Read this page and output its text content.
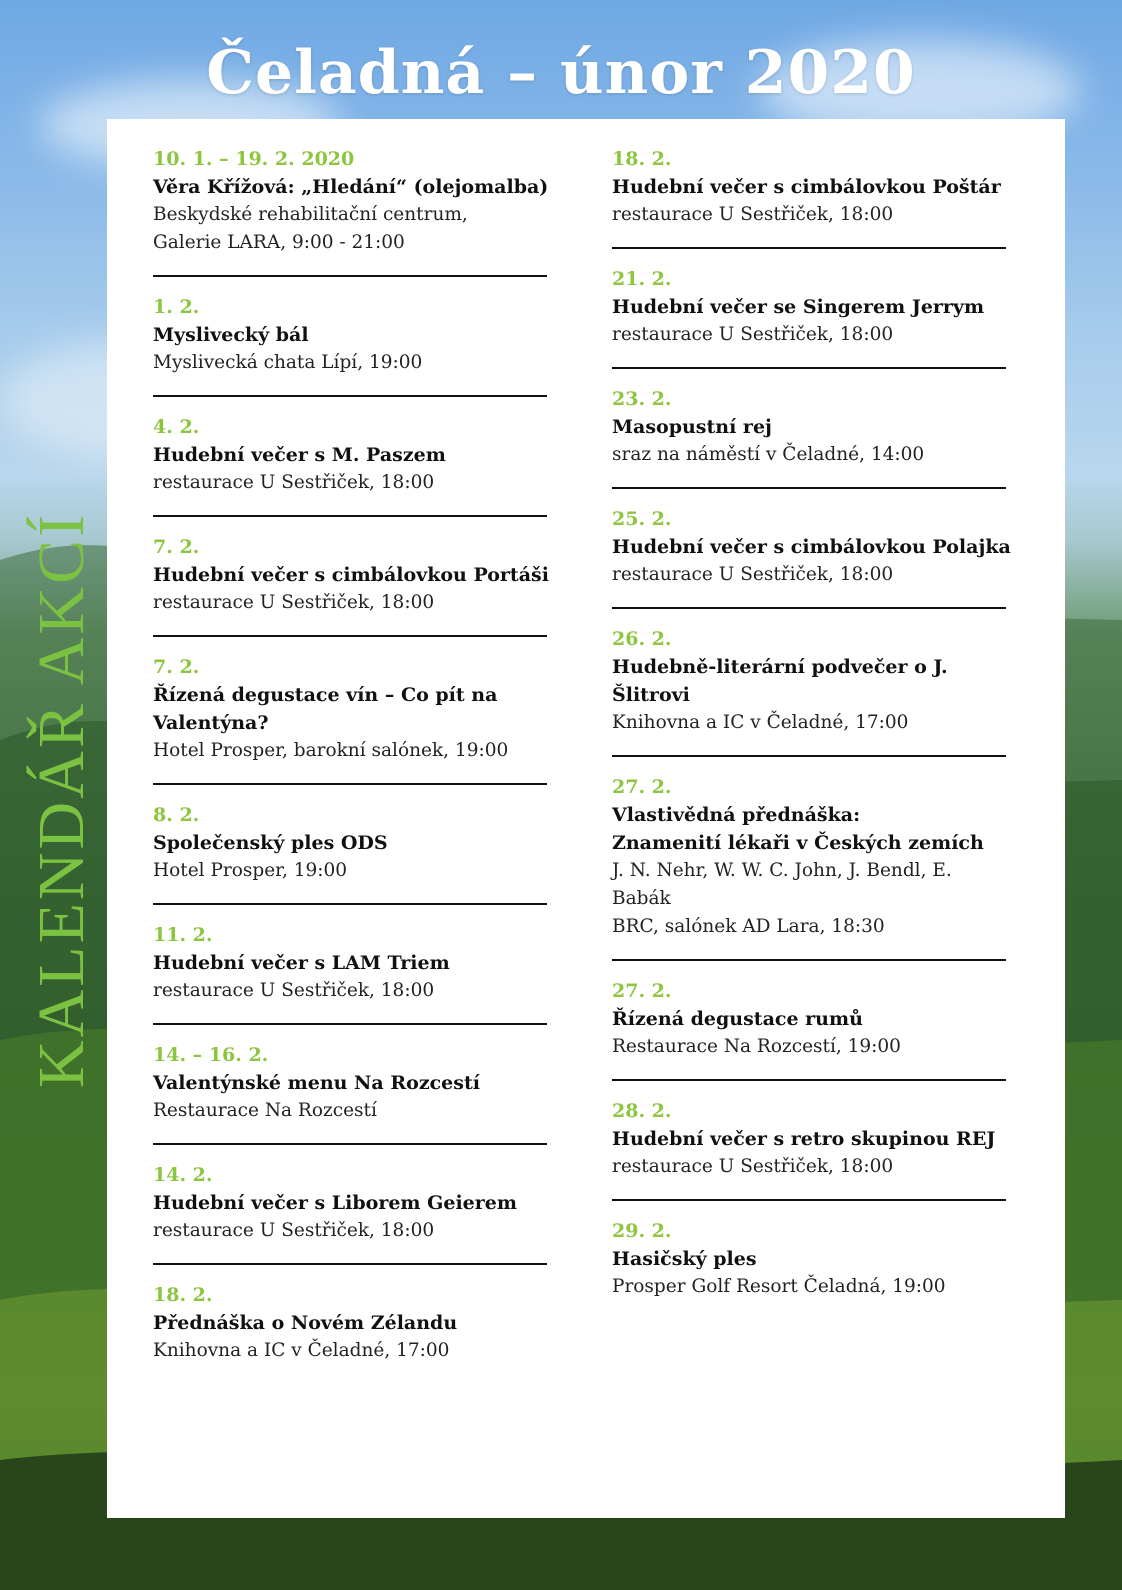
Čeladná – únor 2020
KALENDÁŘ AKCÍ
10. 1. – 19. 2. 2020
Věra Křížová: „Hledání“ (olejomalba)
Beskydské rehabilitační centrum,
Galerie LARA, 9:00 - 21:00
1. 2.
Myslivecký bál
Myslivecká chata Lípí, 19:00
4. 2.
Hudební večer s M. Paszem
restaurace U Sestřiček, 18:00
7. 2.
Hudební večer s cimbálovkou Portáši
restaurace U Sestřiček, 18:00
7. 2.
Řízená degustace vín – Co pít na Valentýna?
Hotel Prosper, barokní salónek, 19:00
8. 2.
Společenský ples ODS
Hotel Prosper, 19:00
11. 2.
Hudební večer s LAM Triem
restaurace U Sestřiček, 18:00
14. – 16. 2.
Valentýnské menu Na Rozcestí
Restaurace Na Rozcestí
14. 2.
Hudební večer s Liborem Geierem
restaurace U Sestřiček, 18:00
18. 2.
Přednáška o Novém Zélandu
Knihovna a IC v Čeladné, 17:00
18. 2.
Hudební večer s cimbálovkou Poštár
restaurace U Sestřiček, 18:00
21. 2.
Hudební večer se Singerem Jerrym
restaurace U Sestřiček, 18:00
23. 2.
Masopustní rej
sraz na náměstí v Čeladné, 14:00
25. 2.
Hudební večer s cimbálovkou Polajka
restaurace U Sestřiček, 18:00
26. 2.
Hudebně-literární podvečer o J. Šlitrovi
Knihovna a IC v Čeladné, 17:00
27. 2.
Vlastivědná přednáška:
Znamenití lékaři v Českých zemích
J. N. Nehr, W. W. C. John, J. Bendl, E. Babák
BRC, salónek AD Lara, 18:30
27. 2.
Řízená degustace rumů
Restaurace Na Rozcestí, 19:00
28. 2.
Hudební večer s retro skupinou REJ
restaurace U Sestřiček, 18:00
29. 2.
Hasičský ples
Prosper Golf Resort Čeladná, 19:00
